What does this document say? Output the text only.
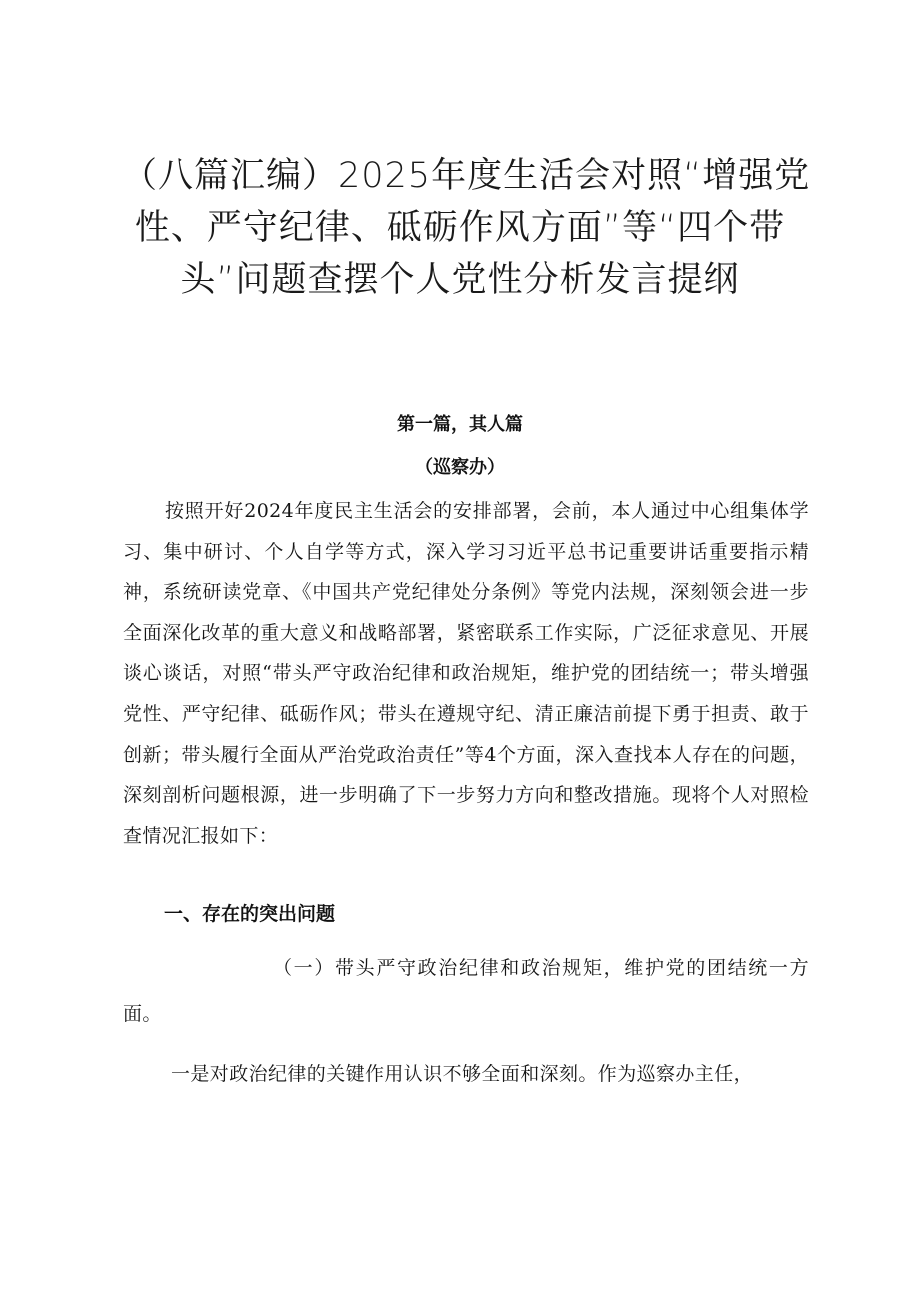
（八篇汇编）2025年度生活会对照“增强党
性、严守纪律、砥砺作风方面”等“四个带
头”问题查摆个人党性分析发言提纲

第一篇，其人篇

（巡察办）

按照开好2024年度民主生活会的安排部署，会前，本人通过中心组集体学习、集中研讨、个人自学等方式，深入学习习近平总书记重要讲话重要指示精神，系统研读党章、《中国共产党纪律处分条例》等党内法规，深刻领会进一步全面深化改革的重大意义和战略部署，紧密联系工作实际，广泛征求意见、开展谈心谈话，对照“带头严守政治纪律和政治规矩，维护党的团结统一；带头增强党性、严守纪律、砥砺作风；带头在遵规守纪、清正廉洁前提下勇于担责、敢于创新；带头履行全面从严治党政治责任”等4个方面，深入查找本人存在的问题，深刻剖析问题根源，进一步明确了下一步努力方向和整改措施。现将个人对照检查情况汇报如下：

一、存在的突出问题

（一）带头严守政治纪律和政治规矩，维护党的团结统一方面。

一是对政治纪律的关键作用认识不够全面和深刻。作为巡察办主任，
